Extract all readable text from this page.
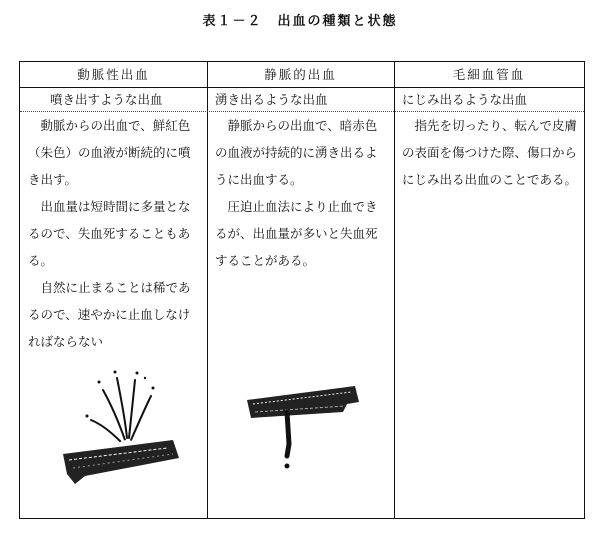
表１－２　出血の種類と状態
動脈性出血
噴き出すような出血

動脈からの出血で、鮮紅色（朱色）の血液が断続的に噴き出す。

出血量は短時間に多量となるので、失血死することもある。

自然に止まることは稀であるので、速やかに止血しなければならない

静脈的出血
湧き出るような出血

静脈からの出血で、暗赤色の血液が持続的に湧き出るように出血する。

圧迫止血法により止血できるが、出血量が多いと失血死することがある。

毛細血管血
にじみ出るような出血

指先を切ったり、転んで皮膚の表面を傷つけた際、傷口からにじみ出る出血のことである。
